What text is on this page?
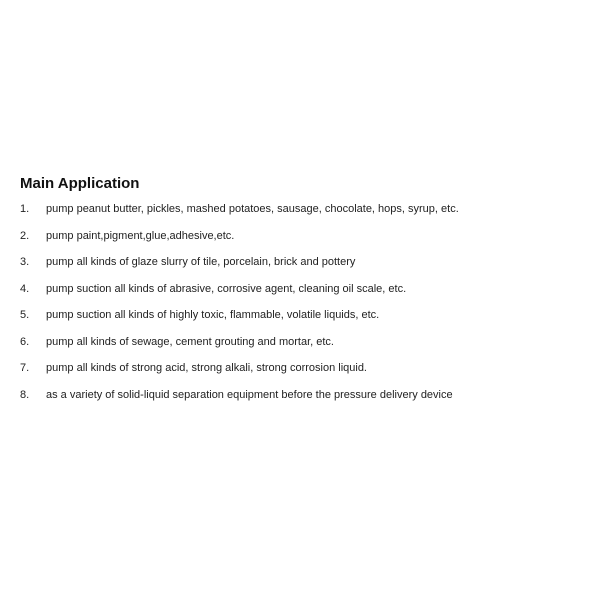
Main Application
1.	pump peanut butter, pickles, mashed potatoes, sausage, chocolate, hops, syrup, etc.
2.	pump paint,pigment,glue,adhesive,etc.
3.	pump all kinds of glaze slurry of tile, porcelain, brick and pottery
4.	pump suction all kinds of abrasive, corrosive agent, cleaning oil scale, etc.
5.	pump suction all kinds of highly toxic, flammable, volatile liquids, etc.
6.	pump all kinds of sewage, cement grouting and mortar, etc.
7.	pump all kinds of strong acid, strong alkali, strong corrosion liquid.
8.	as a variety of solid-liquid separation equipment before the pressure delivery device
